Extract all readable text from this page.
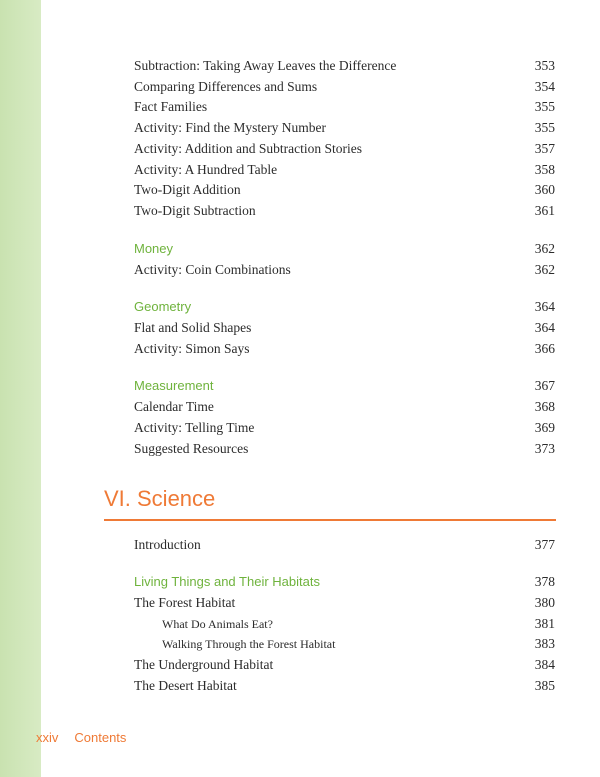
Subtraction: Taking Away Leaves the Difference	353
Comparing Differences and Sums	354
Fact Families	355
Activity: Find the Mystery Number	355
Activity: Addition and Subtraction Stories	357
Activity: A Hundred Table	358
Two-Digit Addition	360
Two-Digit Subtraction	361
Money	362
Activity: Coin Combinations	362
Geometry	364
Flat and Solid Shapes	364
Activity: Simon Says	366
Measurement	367
Calendar Time	368
Activity: Telling Time	369
Suggested Resources	373
VI. Science
Introduction	377
Living Things and Their Habitats	378
The Forest Habitat	380
What Do Animals Eat?	381
Walking Through the Forest Habitat	383
The Underground Habitat	384
The Desert Habitat	385
xxiv Contents
